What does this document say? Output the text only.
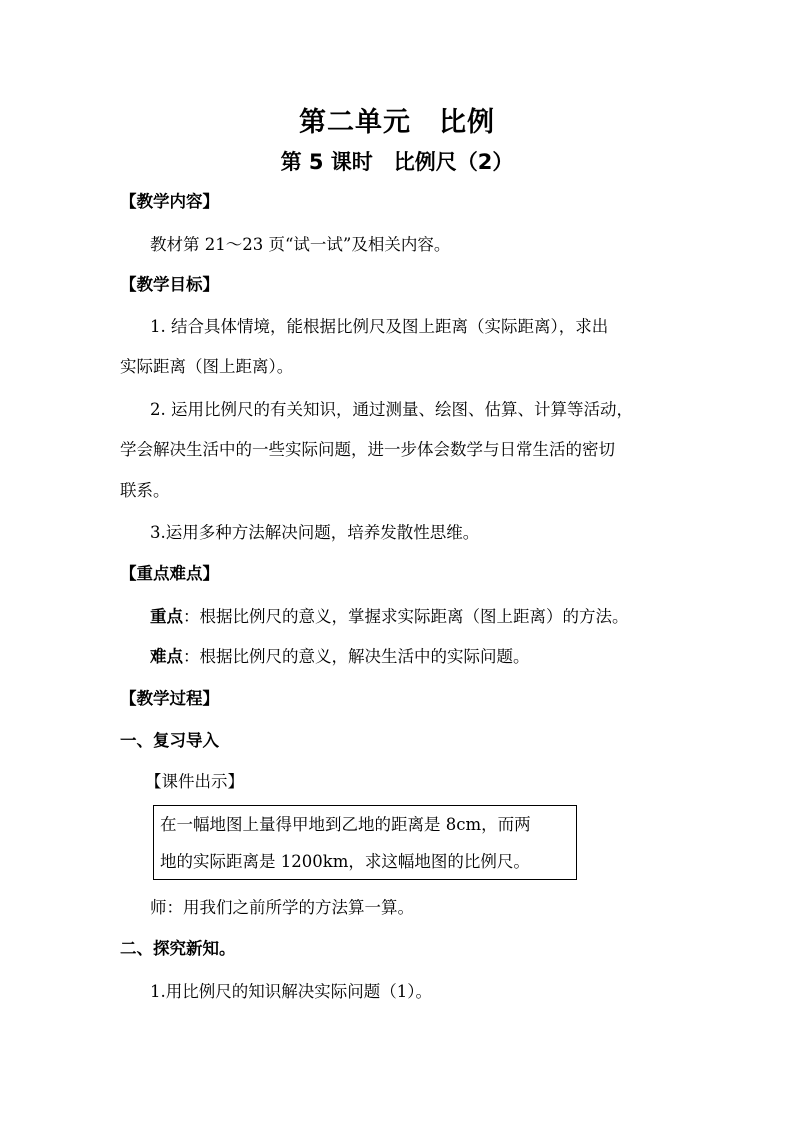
第二单元　比例
第 5 课时　比例尺（2）
【教学内容】
教材第 21～23 页“试一试”及相关内容。
【教学目标】
1. 结合具体情境，能根据比例尺及图上距离（实际距离），求出
实际距离（图上距离）。
2. 运用比例尺的有关知识，通过测量、绘图、估算、计算等活动，
学会解决生活中的一些实际问题，进一步体会数学与日常生活的密切
联系。
3.运用多种方法解决问题，培养发散性思维。
【重点难点】
重点：根据比例尺的意义，掌握求实际距离（图上距离）的方法。
难点：根据比例尺的意义，解决生活中的实际问题。
【教学过程】
一、复习导入
【课件出示】
在一幅地图上量得甲地到乙地的距离是 8cm，而两
地的实际距离是 1200km，求这幅地图的比例尺。
师：用我们之前所学的方法算一算。
二、探究新知。
1.用比例尺的知识解决实际问题（1）。
